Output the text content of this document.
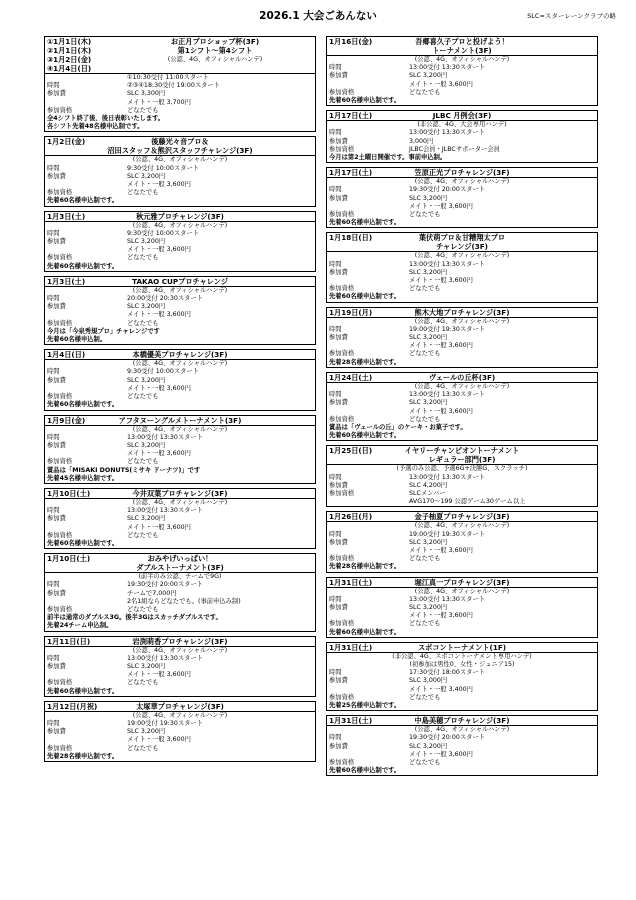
2026.1 大会ごあんない	SLC=スターレーンクラブの略
①1月1日(木)
②1月1日(木)
③1月2日(金)
④1月4日(日)
お正月プロショップ杯(3F)
第1シフト～第4シフト
(公認、4G、オフィシャルハンデ)
①10:30受付 11:00スタート
時間	②③④18:30受付 19:00スタート
参加費	SLC 3,300円
メイト・一般 3,700円
参加資格	どなたでも
全4シフト終了後、後日表彰いたします。
各シフト先着48名様申込制です。
1月2日(金)	後藤光々音プロ＆
沼田スタッフ＆熊沢スタッフチャレンジ(3F)
(公認、4G、オフィシャルハンデ)
時間	9:30受付 10:00スタート
参加費	SLC 3,200円
メイト・一般 3,600円
参加資格	どなたでも
先着60名様申込制です。
1月3日(土)	秋元雅プロチャレンジ(3F)
(公認、4G、オフィシャルハンデ)
時間	9:30受付 10:00スタート
参加費	SLC 3,200円
メイト・一般 3,600円
参加資格	どなたでも
先着60名様申込制です。
1月3日(土)	TAKAO CUPプロチャレンジ
(公認、4G、オフィシャルハンデ)
時間	20:00受付 20:30スタート
参加費	SLC 3,200円
メイト・一般 3,600円
参加資格	どなたでも
今月は「今泉秀規プロ」チャレンジです
先着60名様申込制。
1月4日(日)	本橋優美プロチャレンジ(3F)
(公認、4G、オフィシャルハンデ)
時間	9:30受付 10:00スタート
参加費	SLC 3,200円
メイト・一般 3,600円
参加資格	どなたでも
先着60名様申込制です。
1月9日(金)	アフタヌーングルメトーナメント(3F)
(公認、4G、オフィシャルハンデ)
時間	13:00受付 13:30スタート
参加費	SLC 3,200円
メイト・一般 3,600円
参加資格	どなたでも
賞品は「MISAKI DONUTS(ミサキ ドーナツ)」です
先着45名様申込制です。
1月10日(土)	今井双葉プロチャレンジ(3F)
(公認、4G、オフィシャルハンデ)
時間	13:00受付 13:30スタート
参加費	SLC 3,200円
メイト・一般 3,600円
参加資格	どなたでも
先着60名様申込制です。
1月10日(土)	おみやげいっぱい！
ダブルストーナメント(3F)
(前半のみ公認、チームで9G)
時間	19:30受付 20:00スタート
参加費	チームで7,000円
2名1組ならどなたでも。(事前申込み制)
参加資格	どなたでも
前半は通常のダブルス3G。後半3Gはスカッチダブルスです。
先着24チーム申込制。
1月11日(日)	岩渕萌香プロチャレンジ(3F)
(公認、4G、オフィシャルハンデ)
時間	13:00受付 13:30スタート
参加費	SLC 3,200円
メイト・一般 3,600円
参加資格	どなたでも
先着60名様申込制です。
1月12日(月祝)	太塚華プロチャレンジ(3F)
(公認、4G、オフィシャルハンデ)
時間	19:00受付 19:30スタート
参加費	SLC 3,200円
メイト・一般 3,600円
参加資格	どなたでも
先着28名様申込制です。
1月16日(金)	吾郷喜久子プロと投げよう！
トーナメント(3F)
(公認、4G、オフィシャルハンデ)
時間	13:00受付 13:30スタート
参加費	SLC 3,200円
メイト・一般 3,600円
参加資格	どなたでも
先着60名様申込制です。
1月17日(土)	JLBC 月例会(3F)
(非公認、4G、大会専用ハンデ)
時間	13:00受付 13:30スタート
参加費	3,000円
参加資格	JLBC会員・JLBCサポーター会員
今月は第2土曜日開催です。事前申込制。
1月17日(土)	笠原正光プロチャレンジ(3F)
(公認、4G、オフィシャルハンデ)
時間	19:30受付 20:00スタート
参加費	SLC 3,200円
メイト・一般 3,600円
参加資格	どなたでも
先着60名様申込制です。
1月18日(日)	葉伏萌プロ＆甘糟翔太プロ
チャレンジ(3F)
(公認、4G、オフィシャルハンデ)
時間	13:00受付 13:30スタート
参加費	SLC 3,200円
メイト・一般 3,600円
参加資格	どなたでも
先着60名様申込制です。
1月19日(月)	熊木大地プロチャレンジ(3F)
(公認、4G、オフィシャルハンデ)
時間	19:00受付 19:30スタート
参加費	SLC 3,200円
メイト・一般 3,600円
参加資格	どなたでも
先着28名様申込制です。
1月24日(土)	ヴェールの丘杯(3F)
(公認、4G、オフィシャルハンデ)
時間	13:00受付 13:30スタート
参加費	SLC 3,200円
メイト・一般 3,600円
参加資格	どなたでも
賞品は「ヴェールの丘」のケーキ・お菓子です。
先着60名様申込制です。
1月25日(日)	イヤリーチャンピオントーナメント
レギュラー部門(3F)
(予選のみ公認、予選6G+決勝G、スクラッチ)
時間	13:00受付 13:30スタート
参加費	SLC 4,200円
参加資格	SLCメンバー
AVG170～199 公認ゲーム30ゲーム以上
1月26日(月)	金子柚夏プロチャレンジ(3F)
(公認、4G、オフィシャルハンデ)
時間	19:00受付 19:30スタート
参加費	SLC 3,200円
メイト・一般 3,600円
参加資格	どなたでも
先着28名様申込制です。
1月31日(土)	堀江真一プロチャレンジ(3F)
(公認、4G、オフィシャルハンデ)
時間	13:00受付 13:30スタート
参加費	SLC 3,200円
メイト・一般 3,600円
参加資格	どなたでも
先着60名様申込制です。
1月31日(土)	スポコントーナメント(1F)
(非公認、4G、スポコントーナメント専用ハンデ)
(初参加は男性0、女性・ジュニア15)
時間	17:30受付 18:00スタート
参加費	SLC 3,000円
メイト・一般 3,400円
参加資格	どなたでも
先着25名様申込制です。
1月31日(土)	中島美穂プロチャレンジ(3F)
(公認、4G、オフィシャルハンデ)
時間	19:30受付 20:00スタート
参加費	SLC 3,200円
メイト・一般 3,600円
参加資格	どなたでも
先着60名様申込制です。
